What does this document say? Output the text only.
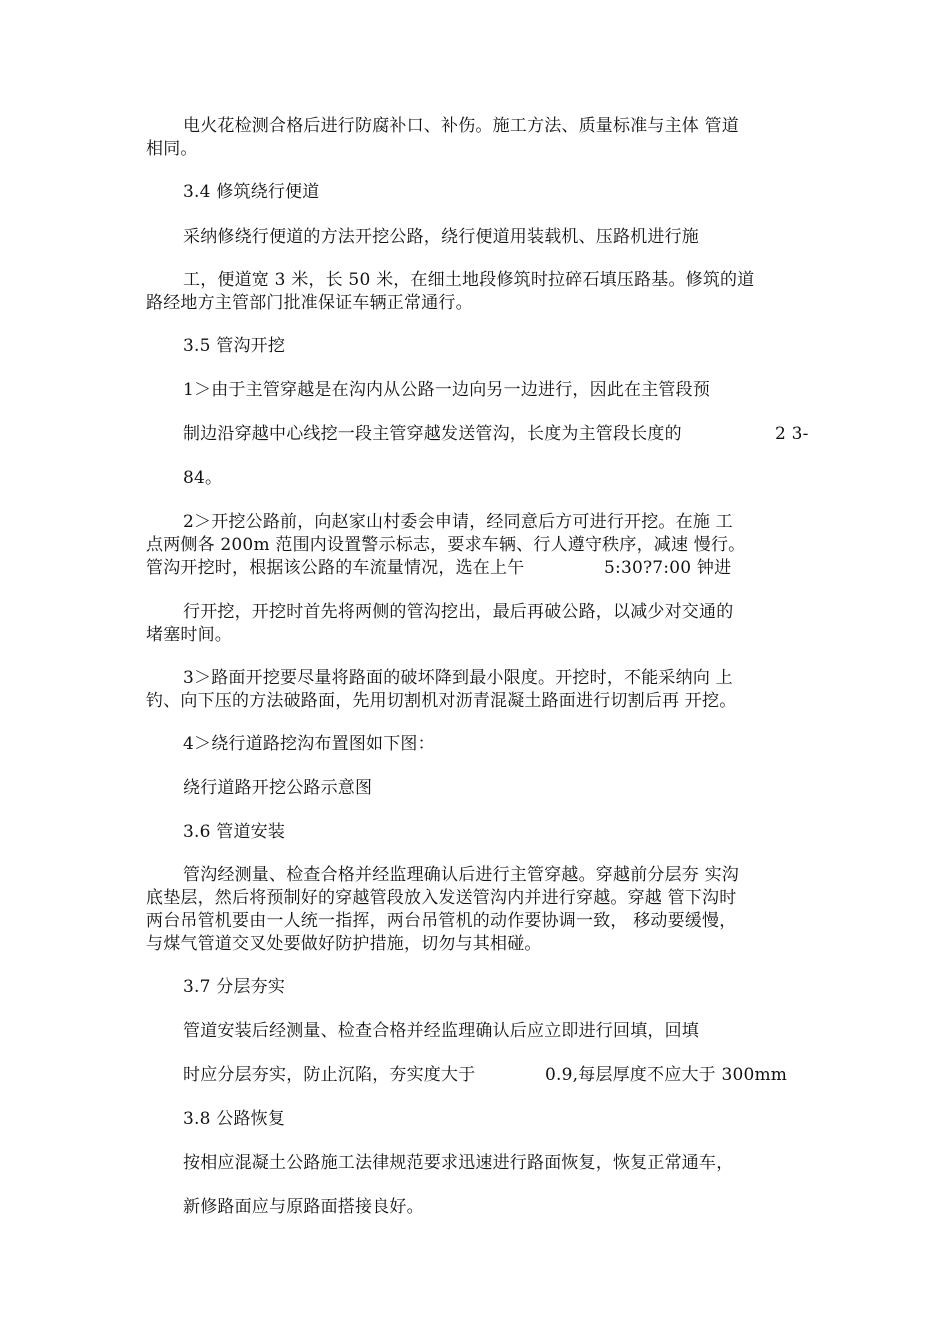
电火花检测合格后进行防腐补口、补伤。施工方法、质量标准与主体 管道
相同。
3.4 修筑绕行便道
采纳修绕行便道的方法开挖公路，绕行便道用装载机、压路机进行施
工，便道宽 3 米，长 50 米，在细土地段修筑时拉碎石填压路基。修筑的道
路经地方主管部门批准保证车辆正常通行。
3.5 管沟开挖
1＞由于主管穿越是在沟内从公路一边向另一边进行，因此在主管段预
制边沿穿越中心线挖一段主管穿越发送管沟，长度为主管段长度的	2 3-
84。
2＞开挖公路前，向赵家山村委会申请，经同意后方可进行开挖。在施 工
点两侧各 200m 范围内设置警示标志，要求车辆、行人遵守秩序，减速 慢行。
管沟开挖时，根据该公路的车流量情况，选在上午	5:30?7:00 钟进
行开挖，开挖时首先将两侧的管沟挖出，最后再破公路，以减少对交通的
堵塞时间。
3＞路面开挖要尽量将路面的破坏降到最小限度。开挖时，不能采纳向 上
钓、向下压的方法破路面，先用切割机对沥青混凝土路面进行切割后再 开挖。
4＞绕行道路挖沟布置图如下图：
绕行道路开挖公路示意图
3.6 管道安装
管沟经测量、检查合格并经监理确认后进行主管穿越。穿越前分层夯 实沟
底垫层，然后将预制好的穿越管段放入发送管沟内并进行穿越。穿越 管下沟时
两台吊管机要由一人统一指挥，两台吊管机的动作要协调一致， 移动要缓慢，
与煤气管道交叉处要做好防护措施，切勿与其相碰。
3.7 分层夯实
管道安装后经测量、检查合格并经监理确认后应立即进行回填，回填
时应分层夯实，防止沉陷，夯实度大于	0.9,每层厚度不应大于 300mm
3.8 公路恢复
按相应混凝土公路施工法律规范要求迅速进行路面恢复，恢复正常通车，
新修路面应与原路面搭接良好。
